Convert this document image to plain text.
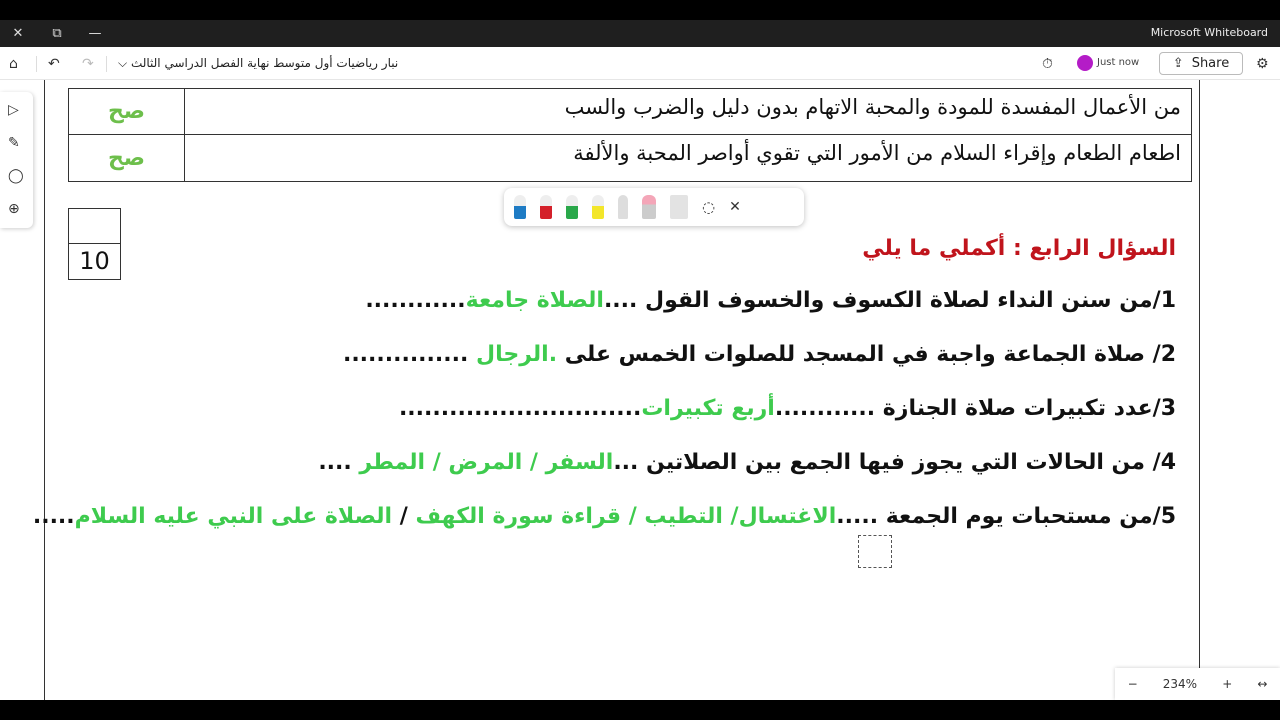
✕	⧉	—	Microsoft Whiteboard
⌂ ↶ ↷	نبار رياضيات أول متوسط نهاية الفصل الدراسي الثالث ⌵	⏱	Just now	⇪ Share ⚙
صح	من الأعمال المفسدة للمودة والمحبة الاتهام بدون دليل والضرب والسب
صح	اطعام الطعام وإقراء السلام من الأمور التي تقوي أواصر المحبة والألفة
10	السؤال الرابع : أكملي ما يلي
1/من سنن النداء لصلاة الكسوف والخسوف القول ....الصلاة جامعة............
2/ صلاة الجماعة واجبة في المسجد للصلوات الخمس على .الرجال ...............
3/عدد تكبيرات صلاة الجنازة ............أربع تكبيرات.............................
4/ من الحالات التي يجوز فيها الجمع بين الصلاتين ...السفر / المرض / المطر ....
5/من مستحبات يوم الجمعة .....الاغتسال/ التطيب / قراءة سورة الكهف / الصلاة على النبي عليه السلام.....
◌ ✕
▷
✎
◯
⊕
− 234% + ↔
